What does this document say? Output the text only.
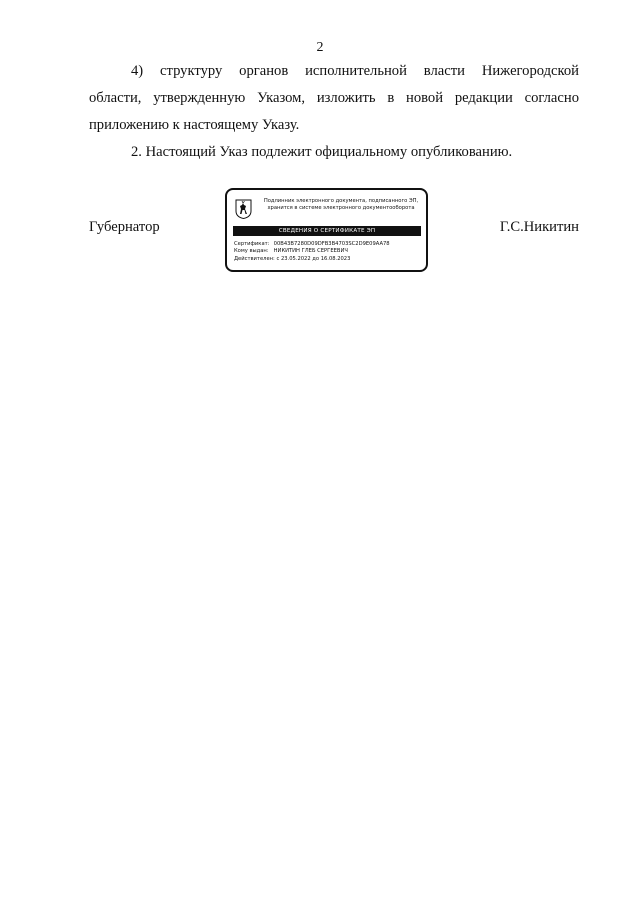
2

4) структуру органов исполнительной власти Нижегородской

области, утвержденную Указом, изложить в новой редакции согласно приложению к настоящему Указу.

2. Настоящий Указ подлежит официальному опубликованию.

Губернатор	Г.С.Никитин
Подлинник электронного документа, подписанного ЭП,
хранится в системе электронного документооборота
СВЕДЕНИЯ О СЕРТИФИКАТЕ ЭП
Сертификат: 00B43B7280D09DFB3B4703SC2D9E09AA78
Кому выдан: НИКИТИН ГЛЕБ СЕРГЕЕВИЧ
Действителен: с 23.05.2022 до 16.08.2023
